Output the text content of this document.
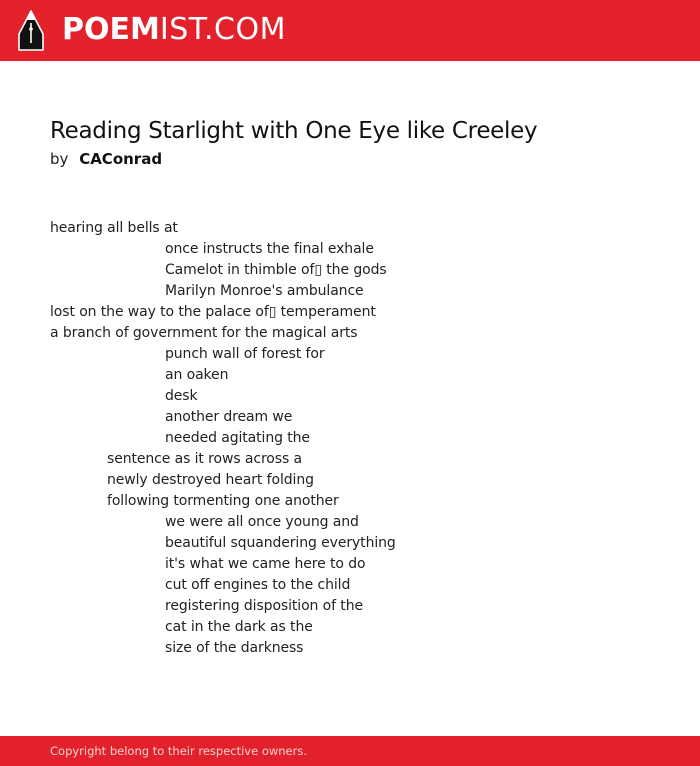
POEMIST.COM
Reading Starlight with One Eye like Creeley
by CAConrad
hearing all bells at
once instructs the final exhale
Camelot in thimble of▯ the gods
Marilyn Monroe's ambulance
lost on the way to the palace of▯ temperament
a branch of government for the magical arts
punch wall of forest for
an oaken
desk
another dream we
needed agitating the
sentence as it rows across a
newly destroyed heart folding
following tormenting one another
we were all once young and
beautiful squandering everything
it's what we came here to do
cut off engines to the child
registering disposition of the
cat in the dark as the
size of the darkness
Copyright belong to their respective owners.
